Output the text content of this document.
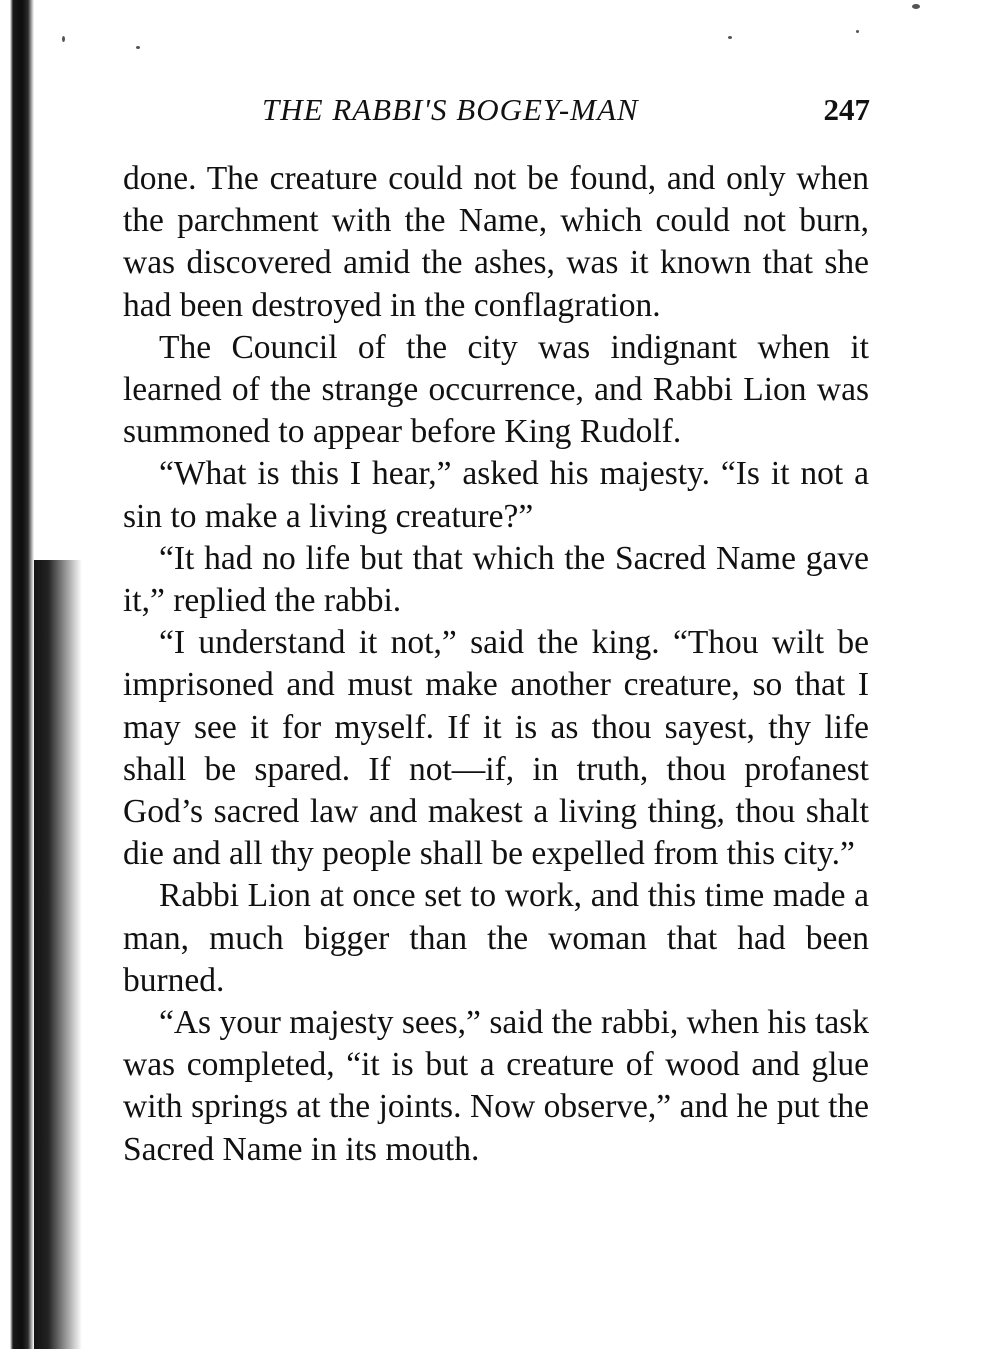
THE RABBI'S BOGEY-MAN	247

done. The creature could not be found, and only when the parchment with the Name, which could not burn, was discovered amid the ashes, was it known that she had been destroyed in the conflagration.

The Council of the city was indignant when it learned of the strange occurrence, and Rabbi Lion was summoned to appear before King Rudolf.

“What is this I hear,” asked his majesty. “Is it not a sin to make a living creature?”

“It had no life but that which the Sacred Name gave it,” replied the rabbi.

“I understand it not,” said the king. “Thou wilt be imprisoned and must make another creature, so that I may see it for myself. If it is as thou sayest, thy life shall be spared. If not—if, in truth, thou profanest God’s sacred law and makest a living thing, thou shalt die and all thy people shall be expelled from this city.”

Rabbi Lion at once set to work, and this time made a man, much bigger than the woman that had been burned.

“As your majesty sees,” said the rabbi, when his task was completed, “it is but a creature of wood and glue with springs at the joints. Now observe,” and he put the Sacred Name in its mouth.
